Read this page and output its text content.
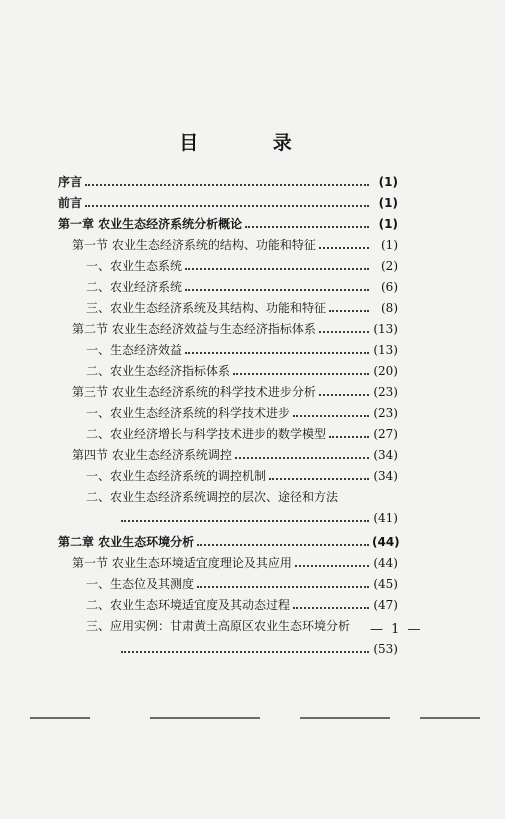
目 录
序言	(1)
前言	(1)
第一章 农业生态经济系统分析概论	(1)
第一节 农业生态经济系统的结构、功能和特征	(1)
一、农业生态系统	(2)
二、农业经济系统	(6)
三、农业生态经济系统及其结构、功能和特征	(8)
第二节 农业生态经济效益与生态经济指标体系	(13)
一、生态经济效益	(13)
二、农业生态经济指标体系	(20)
第三节 农业生态经济系统的科学技术进步分析	(23)
一、农业生态经济系统的科学技术进步	(23)
二、农业经济增长与科学技术进步的数学模型	(27)
第四节 农业生态经济系统调控	(34)
一、农业生态经济系统的调控机制	(34)
二、农业生态经济系统调控的层次、途径和方法
(41)
第二章 农业生态环境分析	(44)
第一节 农业生态环境适宜度理论及其应用	(44)
一、生态位及其测度	(45)
二、农业生态环境适宜度及其动态过程	(47)
三、应用实例：甘肃黄土高原区农业生态环境分析
(53)
— 1 —
